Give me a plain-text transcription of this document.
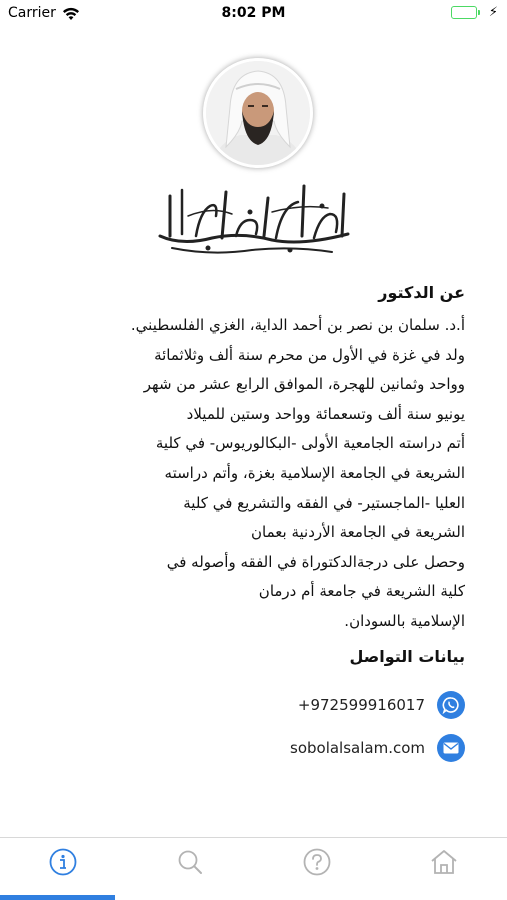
Carrier	8:02 PM	⚡
عن الدكتور
أ.د. سلمان بن نصر بن أحمد الداية، الغزي الفلسطيني.
ولد في غزة في الأول من محرم سنة ألف وثلاثمائة
وواحد وثمانين للهجرة، الموافق الرابع عشر من شهر
يونيو سنة ألف وتسعمائة وواحد وستين للميلاد
أتم دراسته الجامعية الأولى -البكالوريوس- في كلية
الشريعة في الجامعة الإسلامية بغزة، وأتم دراسته
العليا -الماجستير- في الفقه والتشريع في كلية
الشريعة في الجامعة الأردنية بعمان
وحصل على درجةالدكتوراة في الفقه وأصوله في
كلية الشريعة في جامعة أم درمان
الإسلامية بالسودان.
بيانات التواصل
+972599916017
sobolalsalam.com
